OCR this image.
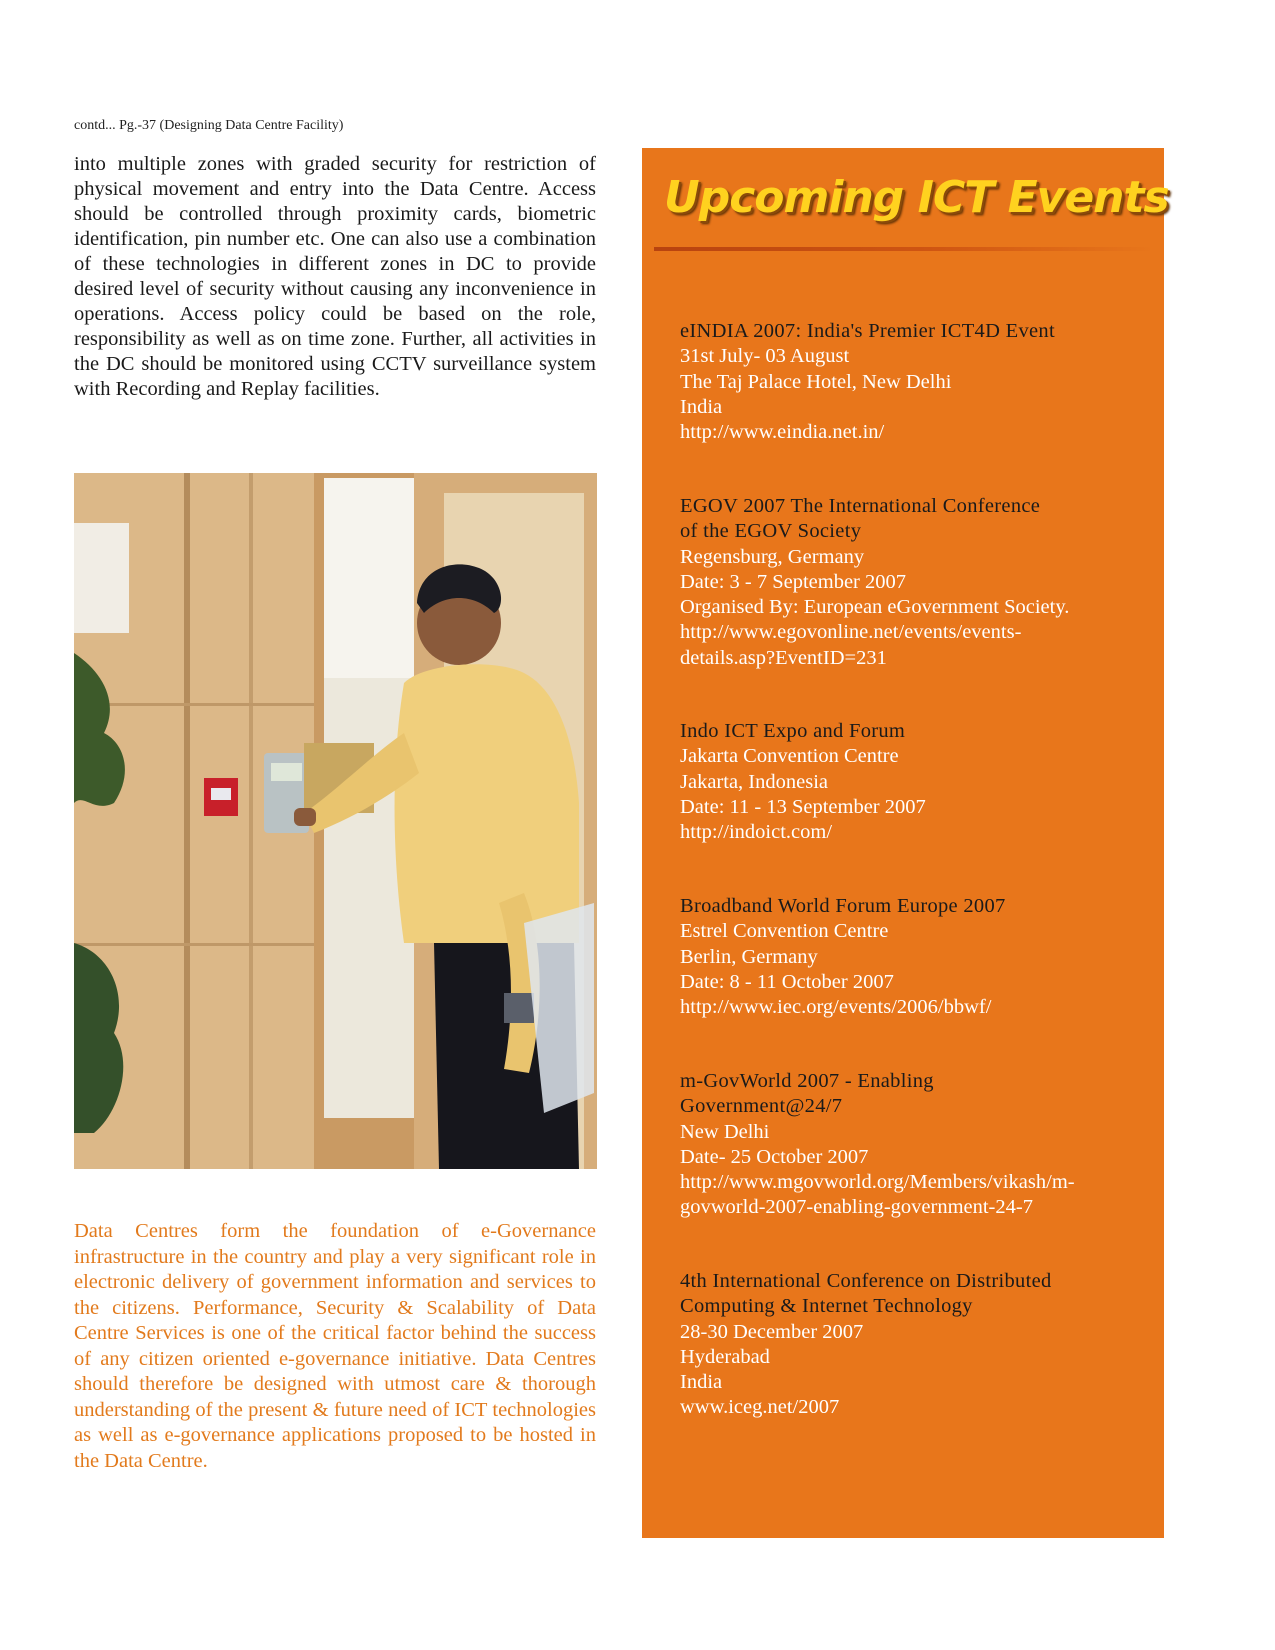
contd... Pg.-37 (Designing Data Centre Facility)

into multiple zones with graded security for restriction of physical movement and entry into the Data Centre. Access should be controlled through proximity cards, biometric identification, pin number etc. One can also use a combination of these technologies in different zones in DC to provide desired level of security without causing any inconvenience in operations. Access policy could be based on the role, responsibility as well as on time zone. Further, all activities in the DC should be monitored using CCTV surveillance system with Recording and Replay facilities.

Data Centres form the foundation of e-Governance infrastructure in the country and play a very significant role in electronic delivery of government information and services to the citizens. Performance, Security & Scalability of Data Centre Services is one of the critical factor behind the success of any citizen oriented e-governance initiative. Data Centres should therefore be designed with utmost care & thorough understanding of the present & future need of ICT technologies as well as e-governance applications proposed to be hosted in the Data Centre.

Upcoming ICT Events
eINDIA 2007: India's Premier ICT4D Event
31st July- 03 August
The Taj Palace Hotel, New Delhi
India
http://www.eindia.net.in/
EGOV 2007 The International Conference
of the EGOV Society
Regensburg, Germany
Date: 3 - 7 September 2007
Organised By: European eGovernment Society.
http://www.egovonline.net/events/events-
details.asp?EventID=231
Indo ICT Expo and Forum
Jakarta Convention Centre
Jakarta, Indonesia
Date: 11 - 13 September 2007
http://indoict.com/
Broadband World Forum Europe 2007
Estrel Convention Centre
Berlin, Germany
Date: 8 - 11 October 2007
http://www.iec.org/events/2006/bbwf/
m-GovWorld 2007 - Enabling
Government@24/7
New Delhi
Date- 25 October 2007
http://www.mgovworld.org/Members/vikash/m-
govworld-2007-enabling-government-24-7
4th International Conference on Distributed
Computing & Internet Technology
28-30 December 2007
Hyderabad
India
www.iceg.net/2007
